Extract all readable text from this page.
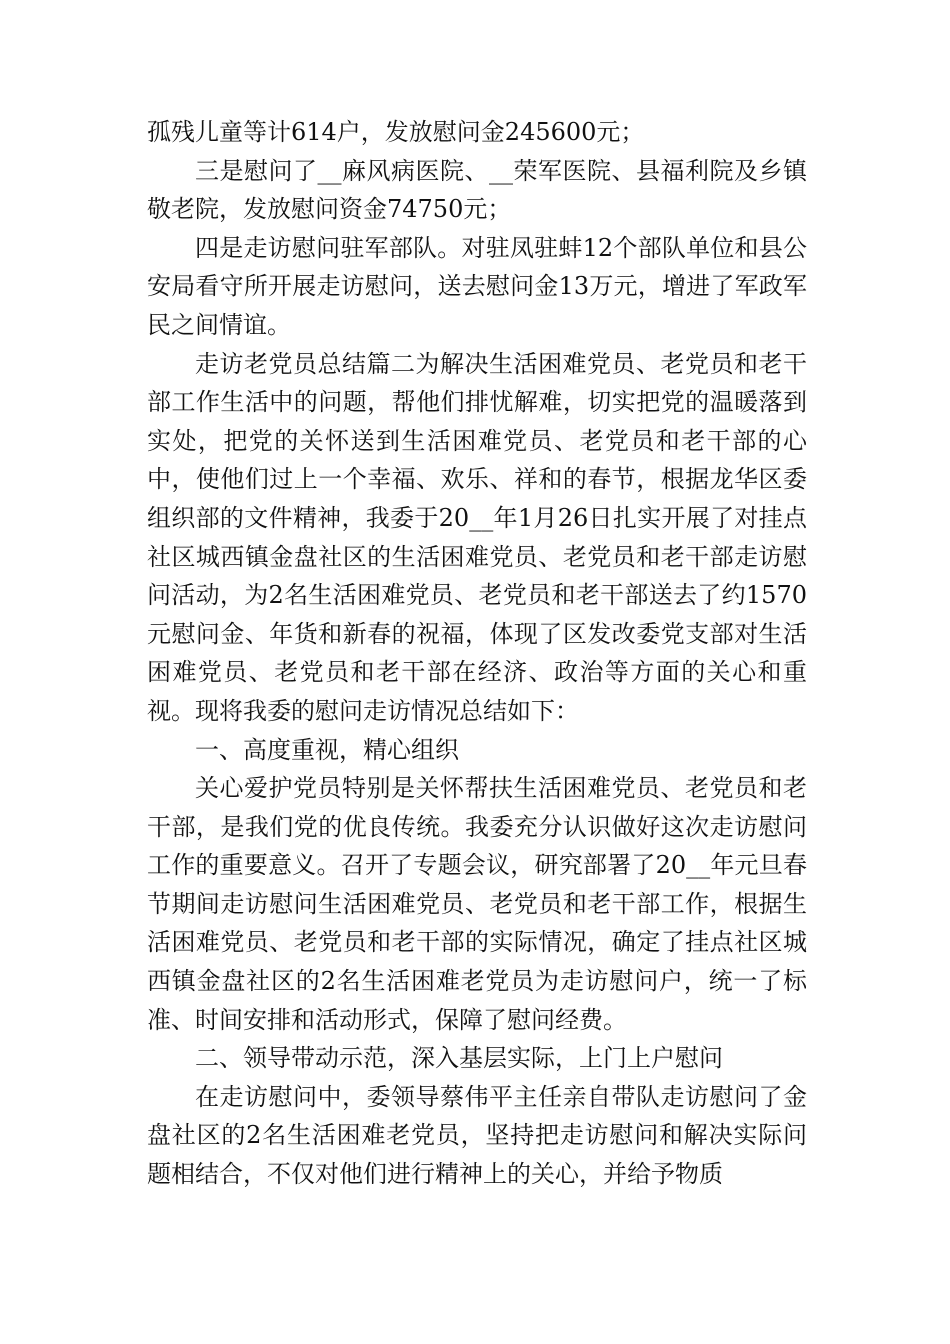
孤残儿童等计614户，发放慰问金245600元；

三是慰问了__麻风病医院、__荣军医院、县福利院及乡镇敬老院，发放慰问资金74750元；

四是走访慰问驻军部队。对驻凤驻蚌12个部队单位和县公安局看守所开展走访慰问，送去慰问金13万元，增进了军政军民之间情谊。

走访老党员总结篇二为解决生活困难党员、老党员和老干部工作生活中的问题，帮他们排忧解难，切实把党的温暖落到实处，把党的关怀送到生活困难党员、老党员和老干部的心中，使他们过上一个幸福、欢乐、祥和的春节，根据龙华区委组织部的文件精神，我委于20__年1月26日扎实开展了对挂点社区城西镇金盘社区的生活困难党员、老党员和老干部走访慰问活动，为2名生活困难党员、老党员和老干部送去了约1570元慰问金、年货和新春的祝福，体现了区发改委党支部对生活困难党员、老党员和老干部在经济、政治等方面的关心和重视。现将我委的慰问走访情况总结如下：

一、高度重视，精心组织

关心爱护党员特别是关怀帮扶生活困难党员、老党员和老干部，是我们党的优良传统。我委充分认识做好这次走访慰问工作的重要意义。召开了专题会议，研究部署了20__年元旦春节期间走访慰问生活困难党员、老党员和老干部工作，根据生活困难党员、老党员和老干部的实际情况，确定了挂点社区城西镇金盘社区的2名生活困难老党员为走访慰问户，统一了标准、时间安排和活动形式，保障了慰问经费。

二、领导带动示范，深入基层实际，上门上户慰问

在走访慰问中，委领导蔡伟平主任亲自带队走访慰问了金盘社区的2名生活困难老党员，坚持把走访慰问和解决实际问题相结合，不仅对他们进行精神上的关心，并给予物质
